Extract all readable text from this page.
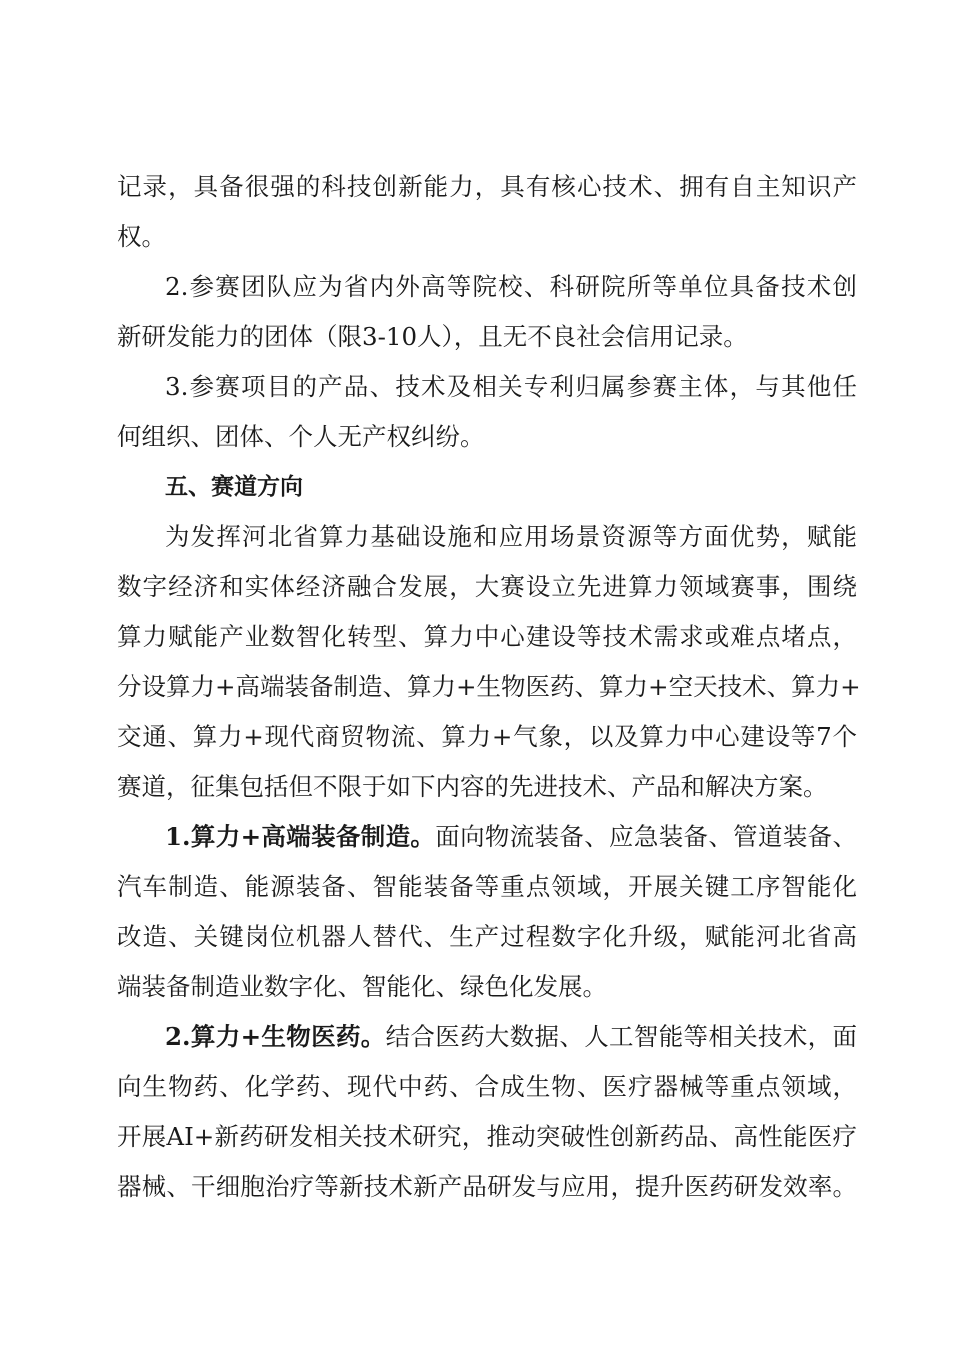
记录，具备很强的科技创新能力，具有核心技术、拥有自主知识产
权。
2.参赛团队应为省内外高等院校、科研院所等单位具备技术创
新研发能力的团体（限3-10人），且无不良社会信用记录。
3.参赛项目的产品、技术及相关专利归属参赛主体，与其他任
何组织、团体、个人无产权纠纷。
五、赛道方向
为发挥河北省算力基础设施和应用场景资源等方面优势，赋能
数字经济和实体经济融合发展，大赛设立先进算力领域赛事，围绕
算力赋能产业数智化转型、算力中心建设等技术需求或难点堵点，
分设算力+高端装备制造、算力+生物医药、算力+空天技术、算力+
交通、算力+现代商贸物流、算力+气象，以及算力中心建设等7个
赛道，征集包括但不限于如下内容的先进技术、产品和解决方案。
1.算力+高端装备制造。面向物流装备、应急装备、管道装备、
汽车制造、能源装备、智能装备等重点领域，开展关键工序智能化
改造、关键岗位机器人替代、生产过程数字化升级，赋能河北省高
端装备制造业数字化、智能化、绿色化发展。
2.算力+生物医药。结合医药大数据、人工智能等相关技术，面
向生物药、化学药、现代中药、合成生物、医疗器械等重点领域，
开展AI+新药研发相关技术研究，推动突破性创新药品、高性能医疗
器械、干细胞治疗等新技术新产品研发与应用，提升医药研发效率。
